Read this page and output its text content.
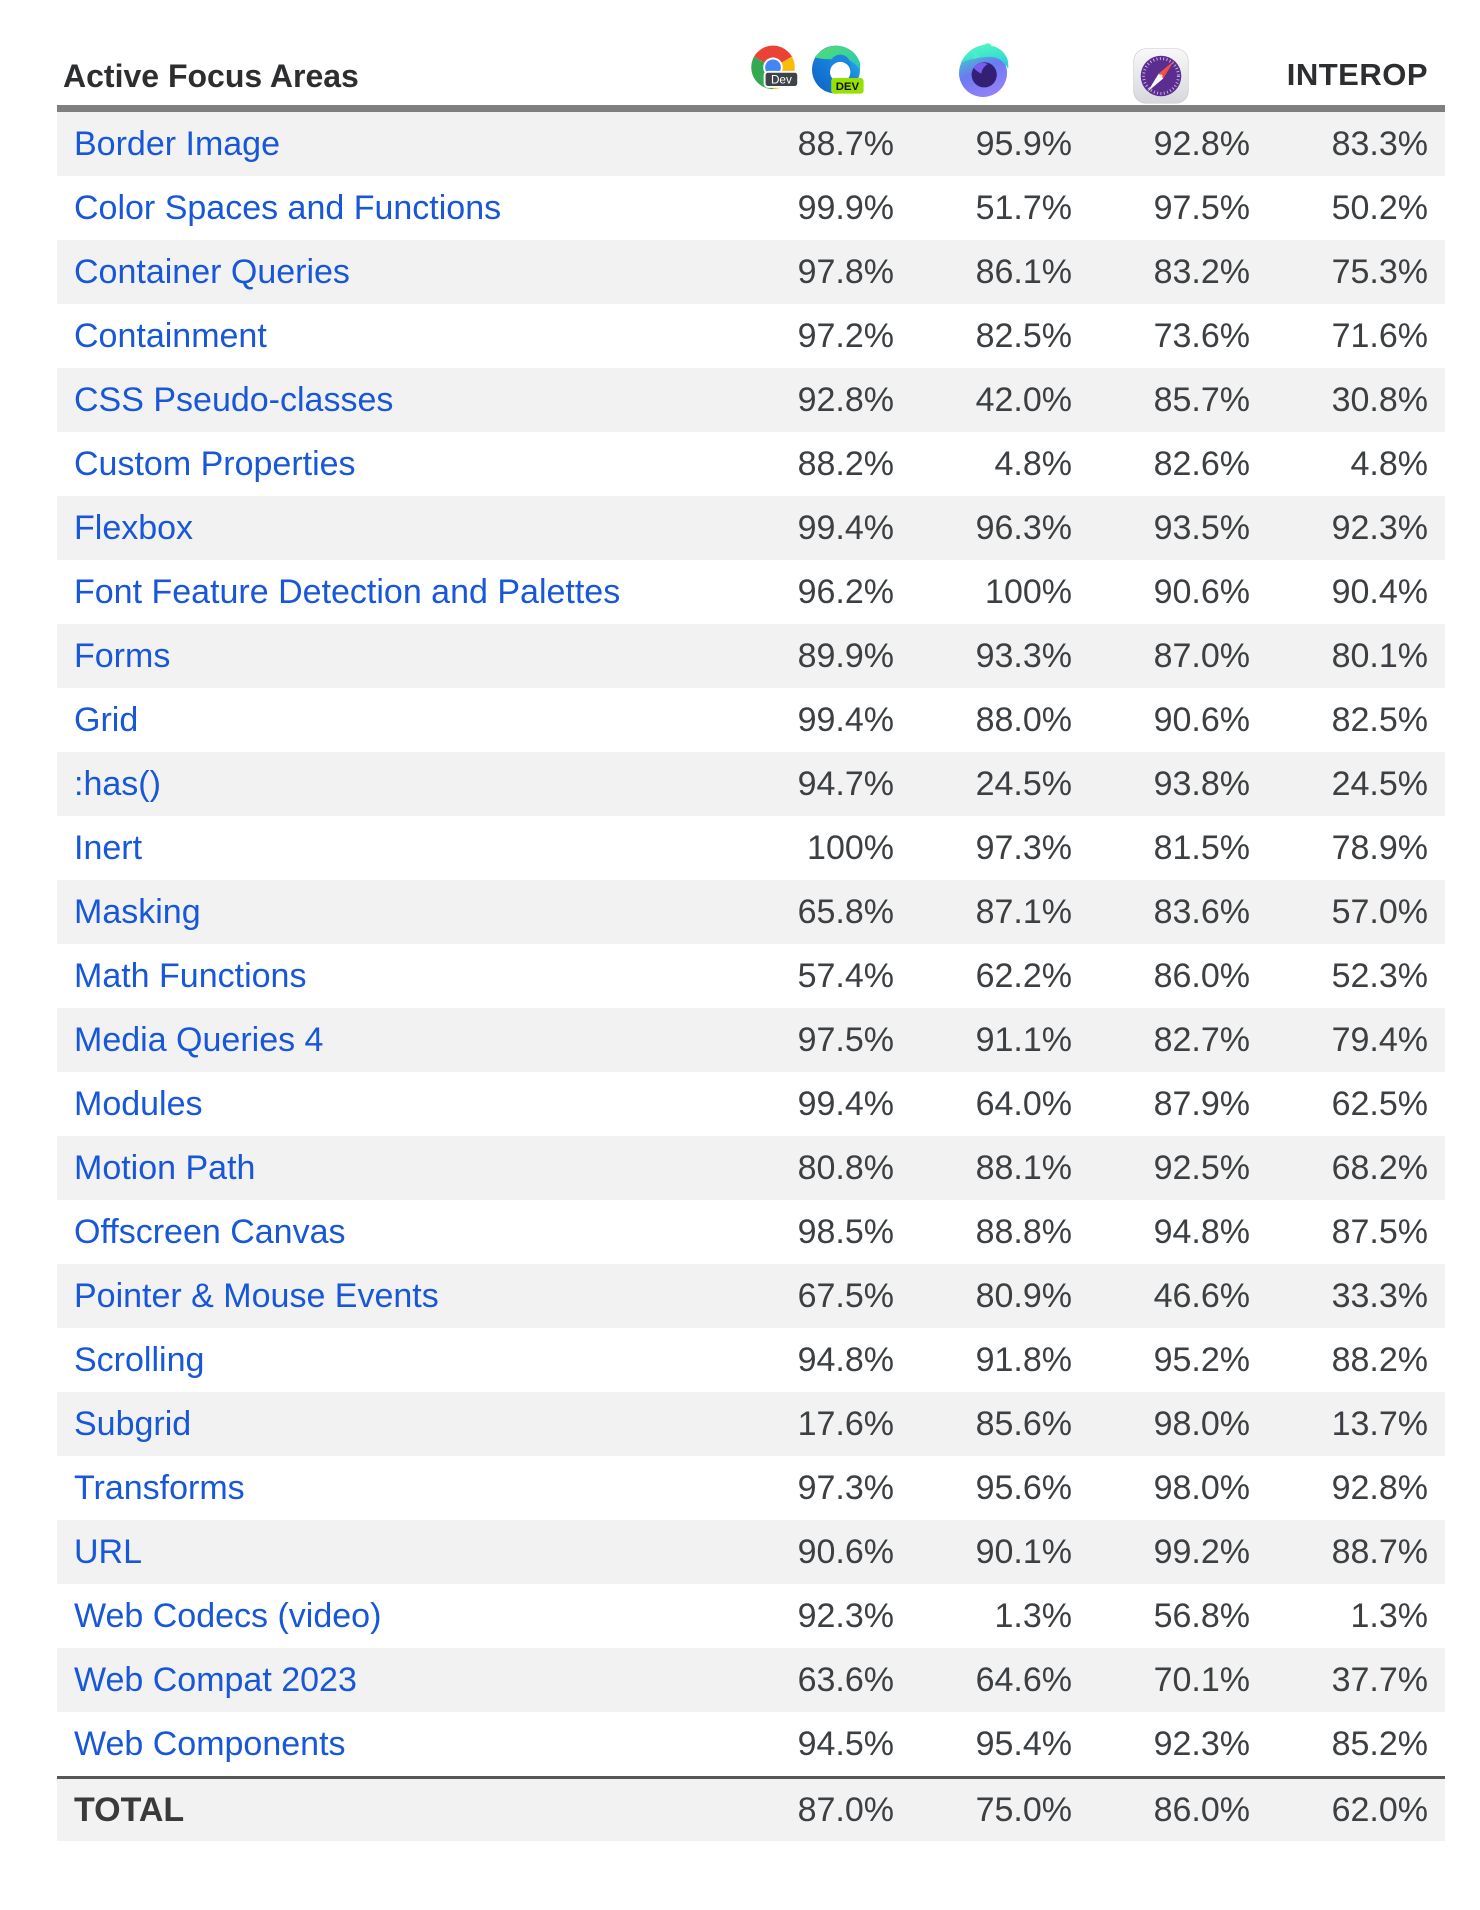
Active Focus Areas	Dev
DEV	INTEROP
Border Image	88.7%	95.9%	92.8%	83.3%
Color Spaces and Functions	99.9%	51.7%	97.5%	50.2%
Container Queries	97.8%	86.1%	83.2%	75.3%
Containment	97.2%	82.5%	73.6%	71.6%
CSS Pseudo-classes	92.8%	42.0%	85.7%	30.8%
Custom Properties	88.2%	4.8%	82.6%	4.8%
Flexbox	99.4%	96.3%	93.5%	92.3%
Font Feature Detection and Palettes	96.2%	100%	90.6%	90.4%
Forms	89.9%	93.3%	87.0%	80.1%
Grid	99.4%	88.0%	90.6%	82.5%
:has()	94.7%	24.5%	93.8%	24.5%
Inert	100%	97.3%	81.5%	78.9%
Masking	65.8%	87.1%	83.6%	57.0%
Math Functions	57.4%	62.2%	86.0%	52.3%
Media Queries 4	97.5%	91.1%	82.7%	79.4%
Modules	99.4%	64.0%	87.9%	62.5%
Motion Path	80.8%	88.1%	92.5%	68.2%
Offscreen Canvas	98.5%	88.8%	94.8%	87.5%
Pointer & Mouse Events	67.5%	80.9%	46.6%	33.3%
Scrolling	94.8%	91.8%	95.2%	88.2%
Subgrid	17.6%	85.6%	98.0%	13.7%
Transforms	97.3%	95.6%	98.0%	92.8%
URL	90.6%	90.1%	99.2%	88.7%
Web Codecs (video)	92.3%	1.3%	56.8%	1.3%
Web Compat 2023	63.6%	64.6%	70.1%	37.7%
Web Components	94.5%	95.4%	92.3%	85.2%
TOTAL	87.0%	75.0%	86.0%	62.0%
